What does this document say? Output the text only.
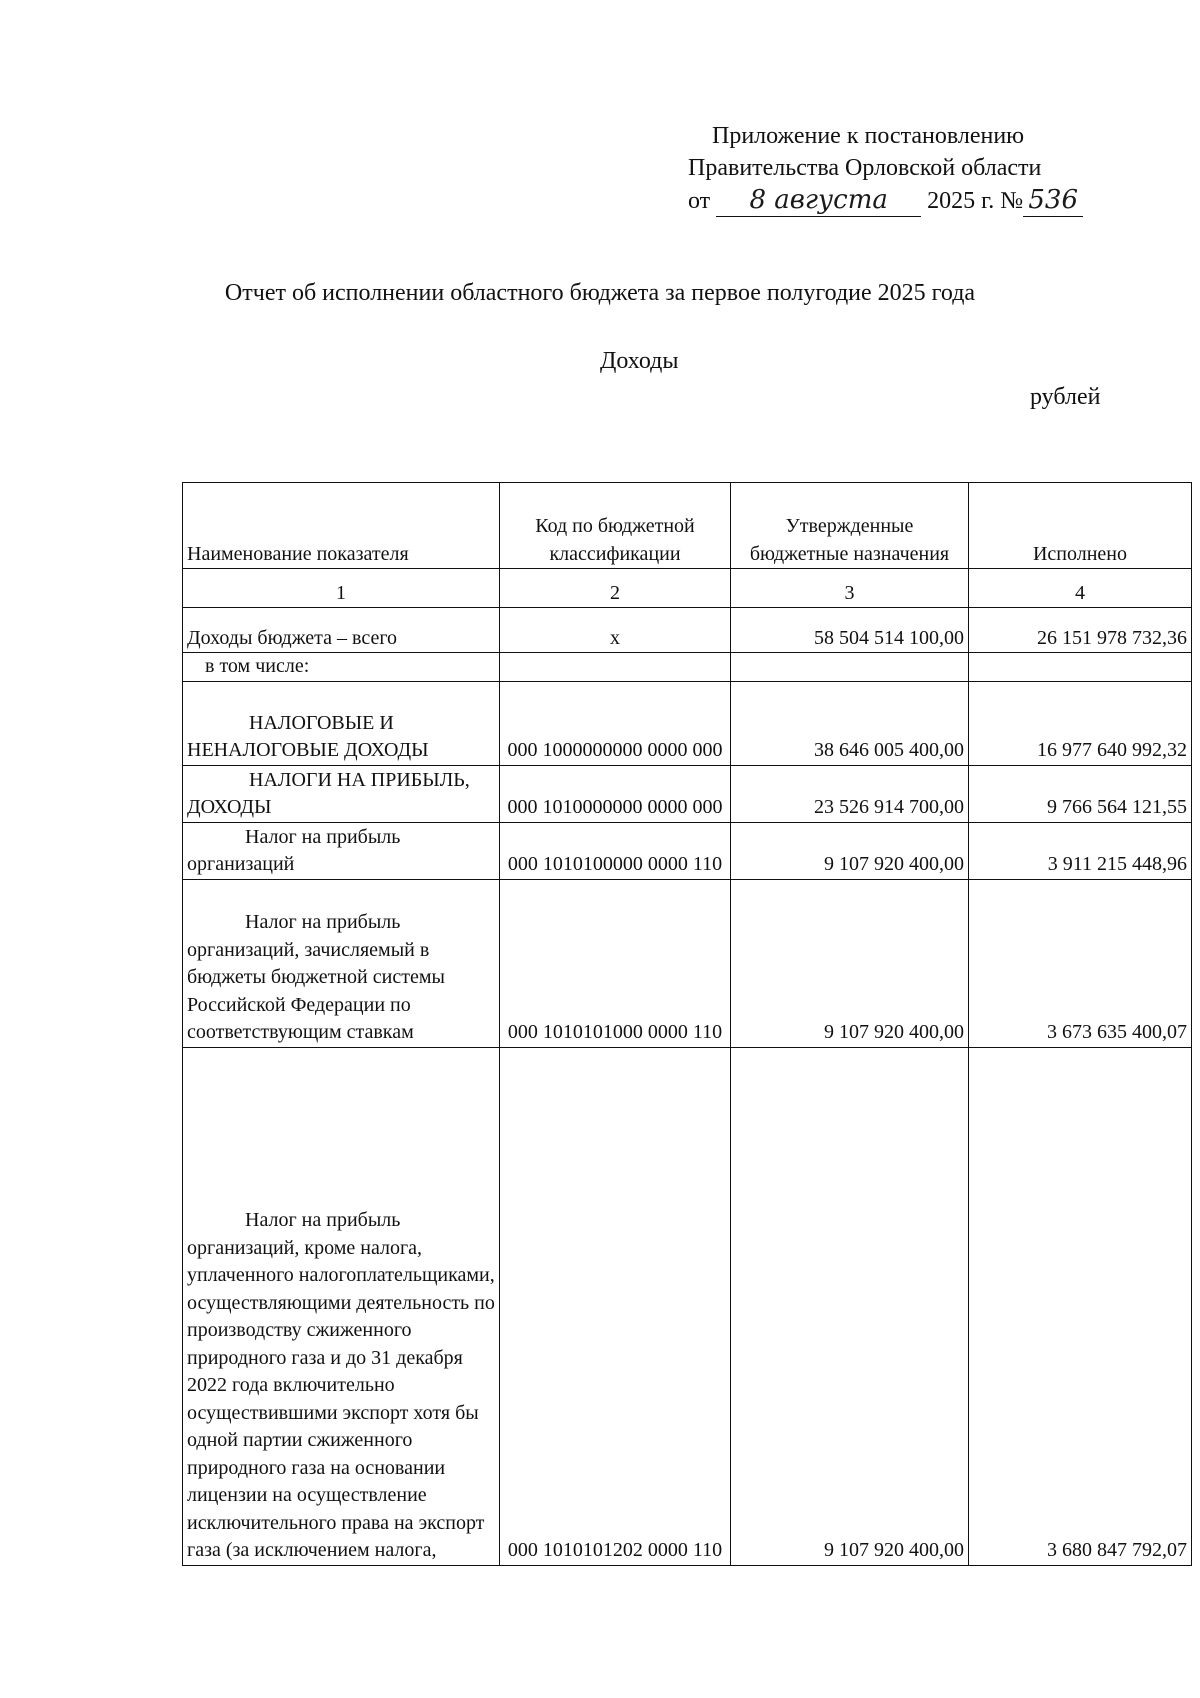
Приложение к постановлению
Правительства Орловской области
от 8 августа 2025 г. № 536
Отчет об исполнении областного бюджета за первое полугодие 2025 года
Доходы
рублей
Наименование показателя	Код по бюджетной классификации	Утвержденные бюджетные назначения	Исполнено
1	2	3	4
Доходы бюджета – всего	x	58 504 514 100,00	26 151 978 732,36
в том числе:			
НАЛОГОВЫЕ И НЕНАЛОГОВЫЕ ДОХОДЫ	000 1000000000 0000 000	38 646 005 400,00	16 977 640 992,32
НАЛОГИ НА ПРИБЫЛЬ, ДОХОДЫ	000 1010000000 0000 000	23 526 914 700,00	9 766 564 121,55
Налог на прибыль организаций	000 1010100000 0000 110	9 107 920 400,00	3 911 215 448,96
Налог на прибыль организаций, зачисляемый в бюджеты бюджетной системы Российской Федерации по соответствующим ставкам	000 1010101000 0000 110	9 107 920 400,00	3 673 635 400,07
Налог на прибыль организаций, кроме налога, уплаченного налогоплательщиками, осуществляющими деятельность по производству сжиженного природного газа и до 31 декабря 2022 года включительно осуществившими экспорт хотя бы одной партии сжиженного природного газа на основании лицензии на осуществление исключительного права на экспорт газа (за исключением налога,	000 1010101202 0000 110	9 107 920 400,00	3 680 847 792,07
